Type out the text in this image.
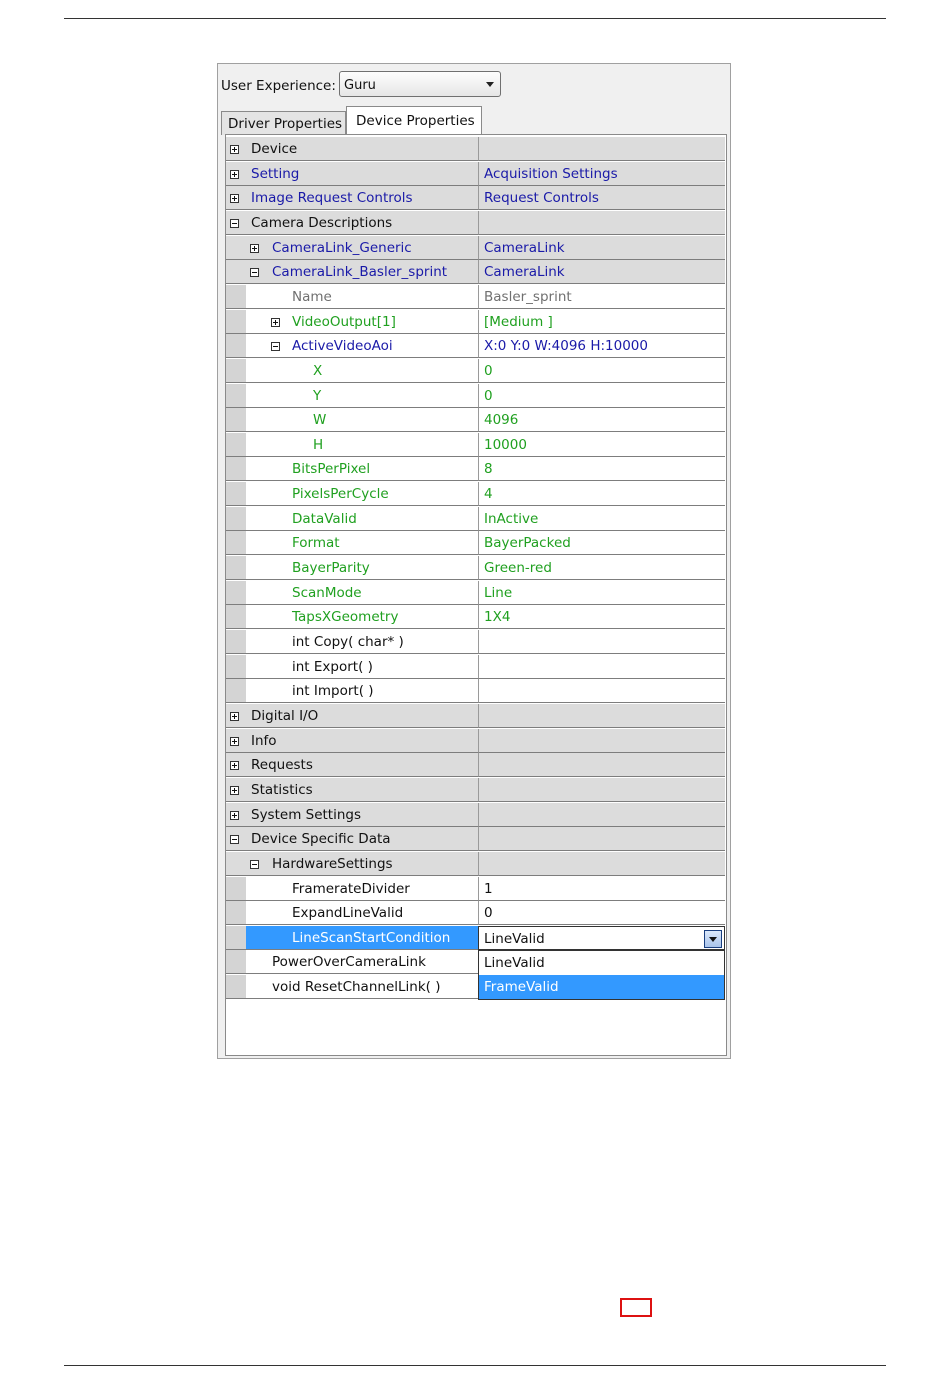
User Experience: Guru
Driver Properties Device Properties
Device
Setting	Acquisition Settings
Image Request Controls	Request Controls
Camera Descriptions
CameraLink_Generic	CameraLink
CameraLink_Basler_sprint	CameraLink
Name	Basler_sprint
VideoOutput[1]	[Medium ]
ActiveVideoAoi	X:0 Y:0 W:4096 H:10000
X	0
Y	0
W	4096
H	10000
BitsPerPixel	8
PixelsPerCycle	4
DataValid	InActive
Format	BayerPacked
BayerParity	Green-red
ScanMode	Line
TapsXGeometry	1X4
int Copy( char* )
int Export( )
int Import( )
Digital I/O
Info
Requests
Statistics
System Settings
Device Specific Data
HardwareSettings
FramerateDivider	1
ExpandLineValid	0
LineScanStartCondition	LineValid
PowerOverCameraLink
void ResetChannelLink( )
LineValid
FrameValid
